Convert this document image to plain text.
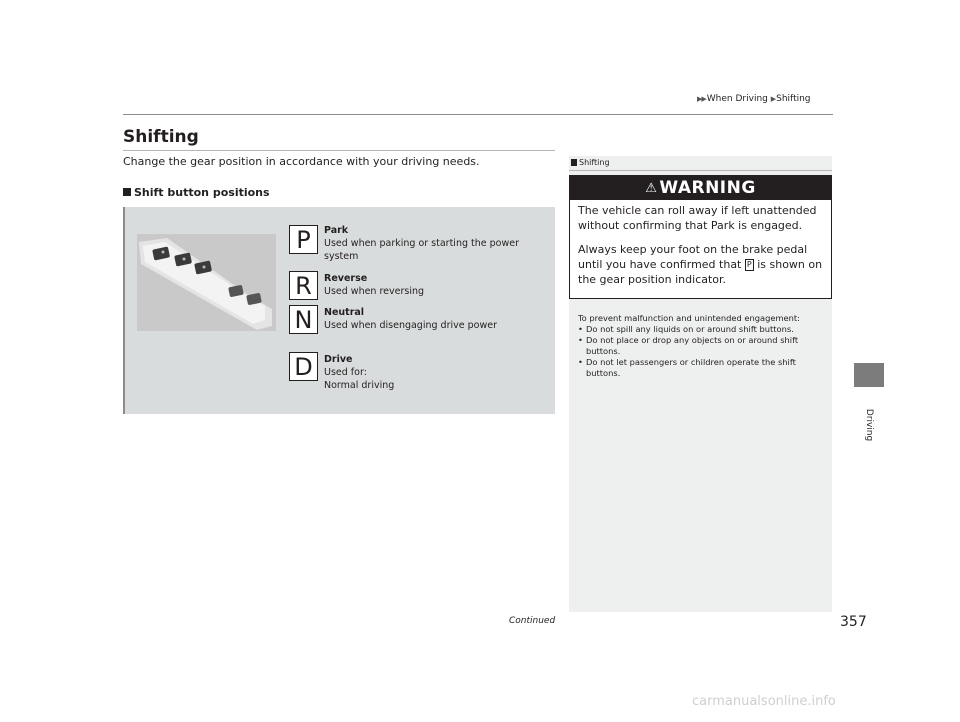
▶▶When Driving ▶Shifting
Driving
Shifting
Change the gear position in accordance with your driving needs.
Shift button positions
P	Park
Used when parking or starting the power system
R	Reverse
Used when reversing
N	Neutral
Used when disengaging drive power
D	Drive
Used for:
Normal driving
Shifting
⚠ WARNING

The vehicle can roll away if left unattended without confirming that Park is engaged.

Always keep your foot on the brake pedal until you have confirmed that P is shown on the gear position indicator.

To prevent malfunction and unintended engagement:
• Do not spill any liquids on or around shift buttons.
• Do not place or drop any objects on or around shift buttons.
• Do not let passengers or children operate the shift buttons.
Continued	357
carmanualsonline.info
